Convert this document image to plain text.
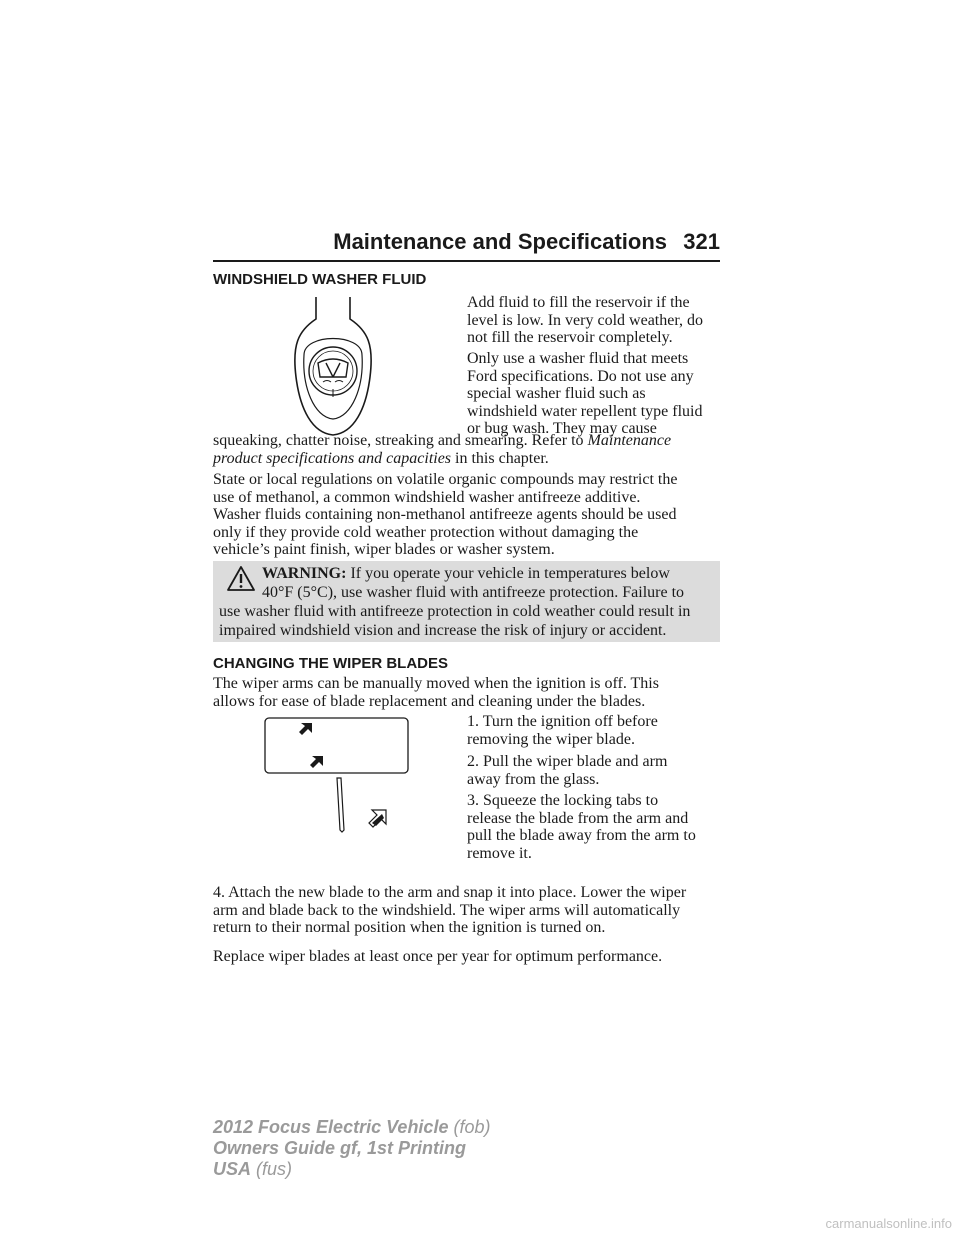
Maintenance and Specifications 321
WINDSHIELD WASHER FLUID
Add fluid to fill the reservoir if the
level is low. In very cold weather, do
not fill the reservoir completely.
Only use a washer fluid that meets
Ford specifications. Do not use any
special washer fluid such as
windshield water repellent type fluid
or bug wash. They may cause
squeaking, chatter noise, streaking and smearing. Refer to Maintenance
product specifications and capacities in this chapter.
State or local regulations on volatile organic compounds may restrict the
use of methanol, a common windshield washer antifreeze additive.
Washer fluids containing non-methanol antifreeze agents should be used
only if they provide cold weather protection without damaging the
vehicle’s paint finish, wiper blades or washer system.
WARNING: If you operate your vehicle in temperatures below
40°F (5°C), use washer fluid with antifreeze protection. Failure to
use washer fluid with antifreeze protection in cold weather could result in
impaired windshield vision and increase the risk of injury or accident.
CHANGING THE WIPER BLADES
The wiper arms can be manually moved when the ignition is off. This
allows for ease of blade replacement and cleaning under the blades.
1. Turn the ignition off before
removing the wiper blade.
2. Pull the wiper blade and arm
away from the glass.
3. Squeeze the locking tabs to
release the blade from the arm and
pull the blade away from the arm to
remove it.
4. Attach the new blade to the arm and snap it into place. Lower the wiper
arm and blade back to the windshield. The wiper arms will automatically
return to their normal position when the ignition is turned on.
Replace wiper blades at least once per year for optimum performance.
2012 Focus Electric Vehicle (fob)
Owners Guide gf, 1st Printing
USA (fus)
carmanualsonline.info
